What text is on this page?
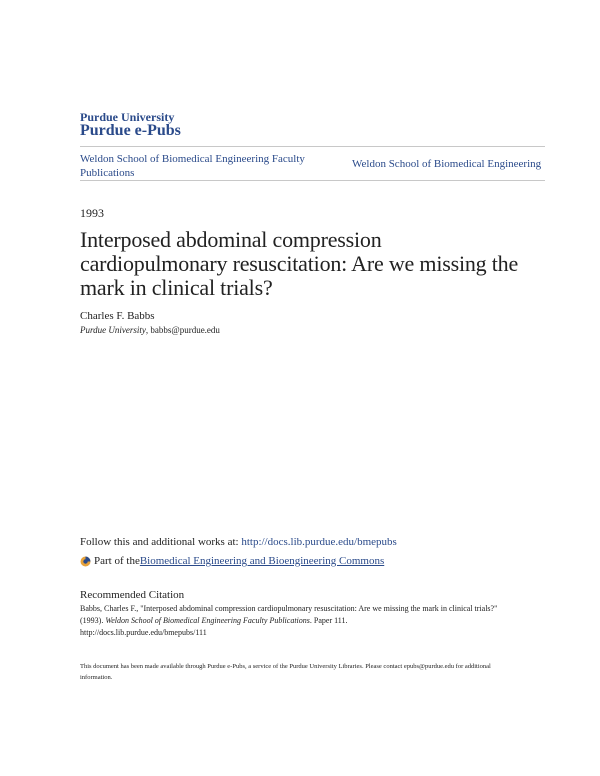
Purdue University
Purdue e-Pubs
Weldon School of Biomedical Engineering Faculty Publications
Weldon School of Biomedical Engineering
1993
Interposed abdominal compression cardiopulmonary resuscitation: Are we missing the mark in clinical trials?
Charles F. Babbs
Purdue University, babbs@purdue.edu
Follow this and additional works at: http://docs.lib.purdue.edu/bmepubs
Part of the Biomedical Engineering and Bioengineering Commons
Recommended Citation
Babbs, Charles F., "Interposed abdominal compression cardiopulmonary resuscitation: Are we missing the mark in clinical trials?"
(1993). Weldon School of Biomedical Engineering Faculty Publications. Paper 111.
http://docs.lib.purdue.edu/bmepubs/111
This document has been made available through Purdue e-Pubs, a service of the Purdue University Libraries. Please contact epubs@purdue.edu for additional information.
